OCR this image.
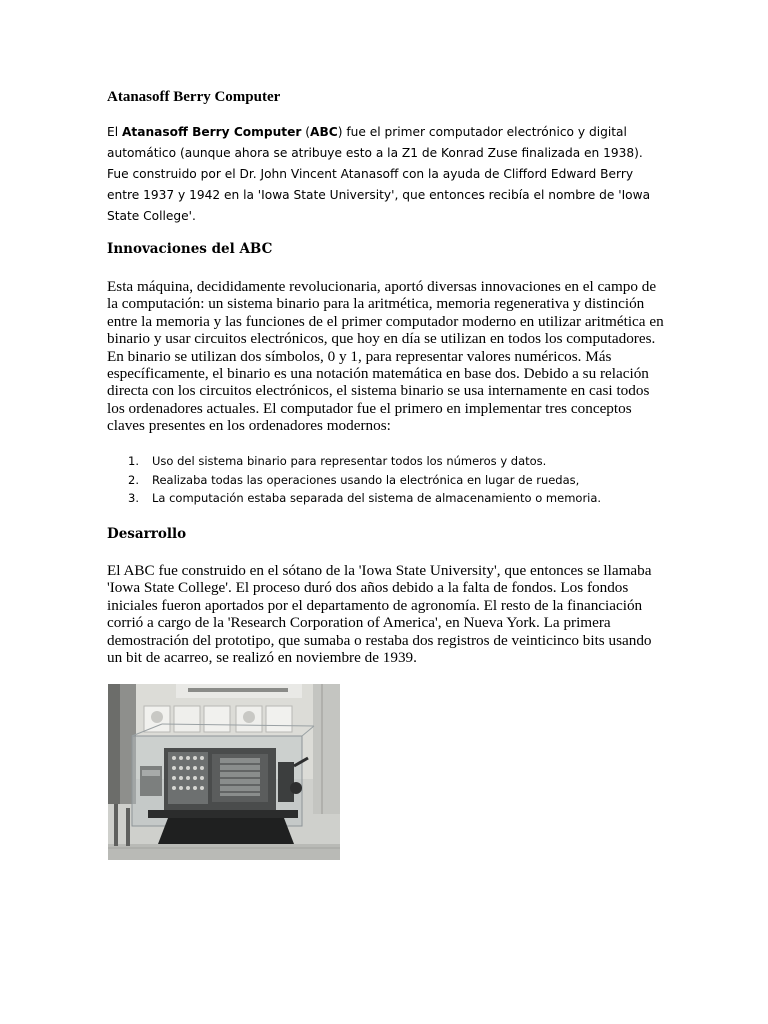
Atanasoff Berry Computer
El Atanasoff Berry Computer (ABC) fue el primer computador electrónico y digital automático (aunque ahora se atribuye esto a la Z1 de Konrad Zuse finalizada en 1938). Fue construido por el Dr. John Vincent Atanasoff con la ayuda de Clifford Edward Berry entre 1937 y 1942 en la 'Iowa State University', que entonces recibía el nombre de 'Iowa State College'.
Innovaciones del ABC
Esta máquina, decididamente revolucionaria, aportó diversas innovaciones en el campo de la computación: un sistema binario para la aritmética, memoria regenerativa y distinción entre la memoria y las funciones de el primer computador moderno en utilizar aritmética en binario y usar circuitos electrónicos, que hoy en día se utilizan en todos los computadores. En binario se utilizan dos símbolos, 0 y 1, para representar valores numéricos. Más específicamente, el binario es una notación matemática en base dos. Debido a su relación directa con los circuitos electrónicos, el sistema binario se usa internamente en casi todos los ordenadores actuales. El computador fue el primero en implementar tres conceptos claves presentes en los ordenadores modernos:
1. Uso del sistema binario para representar todos los números y datos.
2. Realizaba todas las operaciones usando la electrónica en lugar de ruedas,
3. La computación estaba separada del sistema de almacenamiento o memoria.
Desarrollo
El ABC fue construido en el sótano de la 'Iowa State University', que entonces se llamaba 'Iowa State College'. El proceso duró dos años debido a la falta de fondos. Los fondos iniciales fueron aportados por el departamento de agronomía. El resto de la financiación corrió a cargo de la 'Research Corporation of America', en Nueva York. La primera demostración del prototipo, que sumaba o restaba dos registros de veinticinco bits usando un bit de acarreo, se realizó en noviembre de 1939.
